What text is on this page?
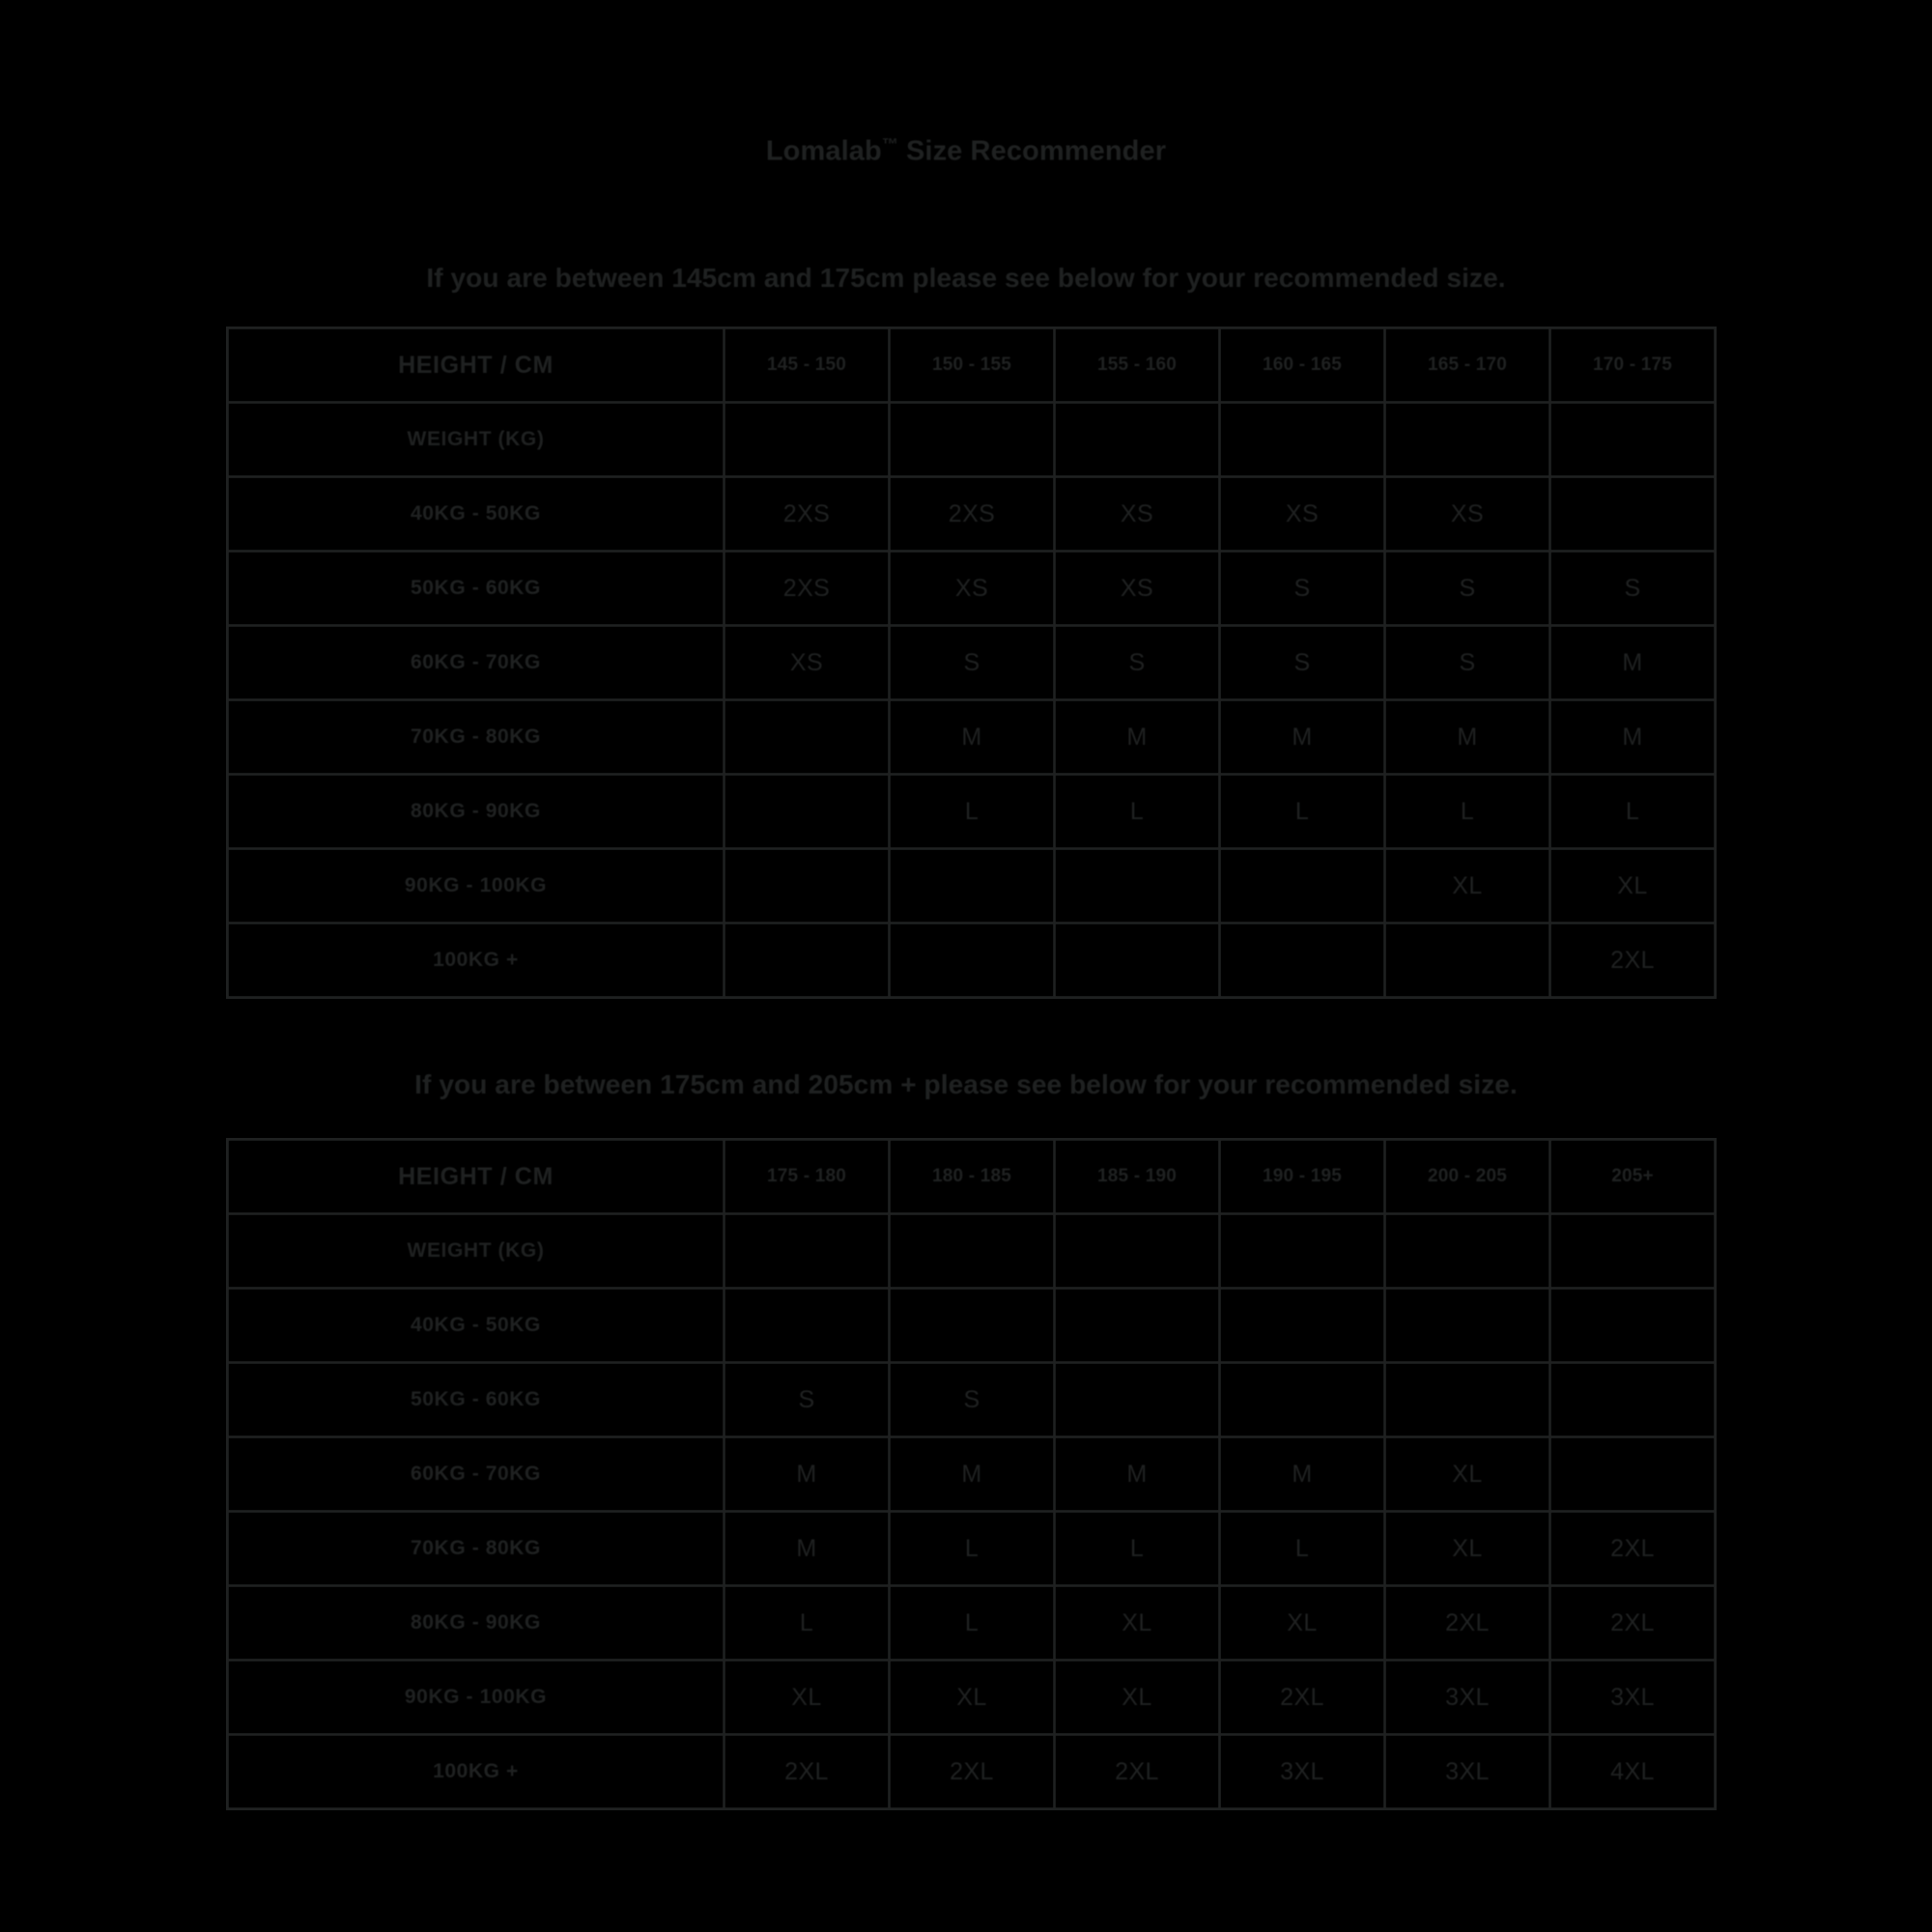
Lomalab™ Size Recommender
If you are between 145cm and 175cm please see below for your recommended size.
HEIGHT / CM	145 - 150	150 - 155	155 - 160	160 - 165	165 - 170	170 - 175
WEIGHT (KG)						
40KG - 50KG	2XS	2XS	XS	XS	XS	
50KG - 60KG	2XS	XS	XS	S	S	S
60KG - 70KG	XS	S	S	S	S	M
70KG - 80KG		M	M	M	M	M
80KG - 90KG		L	L	L	L	L
90KG - 100KG					XL	XL
100KG +						2XL
If you are between 175cm and 205cm + please see below for your recommended size.
HEIGHT / CM	175 - 180	180 - 185	185 - 190	190 - 195	200 - 205	205+
WEIGHT (KG)						
40KG - 50KG						
50KG - 60KG	S	S				
60KG - 70KG	M	M	M	M	XL	
70KG - 80KG	M	L	L	L	XL	2XL
80KG - 90KG	L	L	XL	XL	2XL	2XL
90KG - 100KG	XL	XL	XL	2XL	3XL	3XL
100KG +	2XL	2XL	2XL	3XL	3XL	4XL
